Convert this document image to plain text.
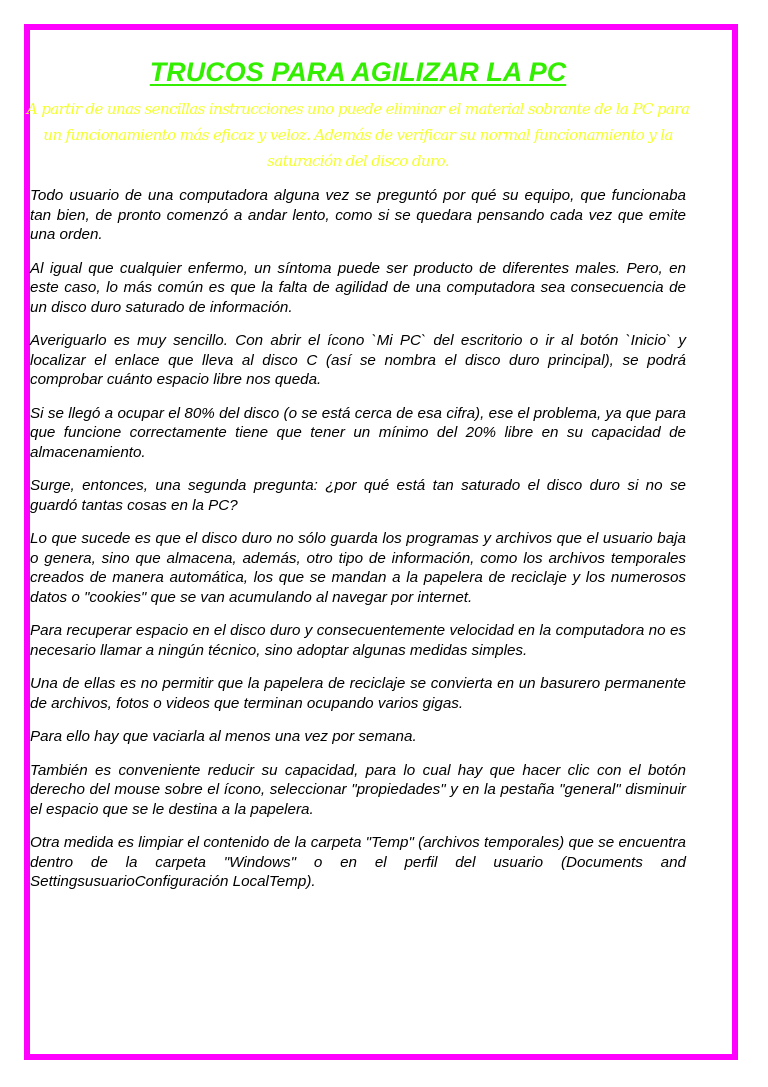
TRUCOS PARA AGILIZAR LA PC

A partir de unas sencillas instrucciones uno puede eliminar el material sobrante de la PC para un funcionamiento más eficaz y veloz. Además de verificar su normal funcionamiento y la saturación del disco duro.

Todo usuario de una computadora alguna vez se preguntó por qué su equipo, que funcionaba tan bien, de pronto comenzó a andar lento, como si se quedara pensando cada vez que emite una orden.

Al igual que cualquier enfermo, un síntoma puede ser producto de diferentes males. Pero, en este caso, lo más común es que la falta de agilidad de una computadora sea consecuencia de un disco duro saturado de información.

Averiguarlo es muy sencillo. Con abrir el ícono `Mi PC` del escritorio o ir al botón `Inicio` y localizar el enlace que lleva al disco C (así se nombra el disco duro principal), se podrá comprobar cuánto espacio libre nos queda.

Si se llegó a ocupar el 80% del disco (o se está cerca de esa cifra), ese el problema, ya que para que funcione correctamente tiene que tener un mínimo del 20% libre en su capacidad de almacenamiento.

Surge, entonces, una segunda pregunta: ¿por qué está tan saturado el disco duro si no se guardó tantas cosas en la PC?

Lo que sucede es que el disco duro no sólo guarda los programas y archivos que el usuario baja o genera, sino que almacena, además, otro tipo de información, como los archivos temporales creados de manera automática, los que se mandan a la papelera de reciclaje y los numerosos datos o "cookies" que se van acumulando al navegar por internet.

Para recuperar espacio en el disco duro y consecuentemente velocidad en la computadora no es necesario llamar a ningún técnico, sino adoptar algunas medidas simples.

Una de ellas es no permitir que la papelera de reciclaje se convierta en un basurero permanente de archivos, fotos o videos que terminan ocupando varios gigas.

Para ello hay que vaciarla al menos una vez por semana.

También es conveniente reducir su capacidad, para lo cual hay que hacer clic con el botón derecho del mouse sobre el ícono, seleccionar "propiedades" y en la pestaña "general" disminuir el espacio que se le destina a la papelera.

Otra medida es limpiar el contenido de la carpeta "Temp" (archivos temporales) que se encuentra dentro de la carpeta "Windows" o en el perfil del usuario (Documents and SettingsusuarioConfiguración LocalTemp).
